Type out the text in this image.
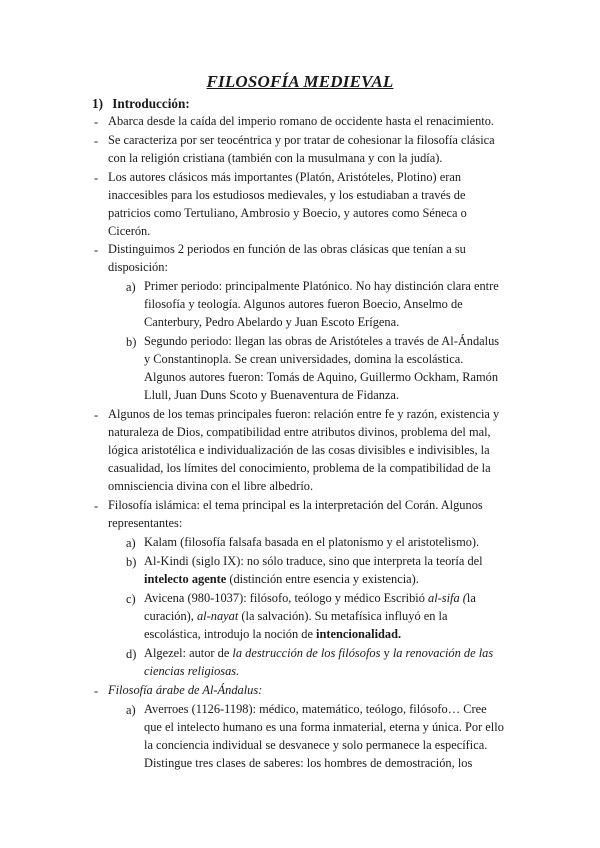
FILOSOFÍA MEDIEVAL
1) Introducción:
- Abarca desde la caída del imperio romano de occidente hasta el renacimiento.
- Se caracteriza por ser teocéntrica y por tratar de cohesionar la filosofía clásica
con la religión cristiana (también con la musulmana y con la judía).
- Los autores clásicos más importantes (Platón, Aristóteles, Plotino) eran
inaccesibles para los estudiosos medievales, y los estudiaban a través de
patricios como Tertuliano, Ambrosio y Boecio, y autores como Séneca o
Cicerón.
- Distinguimos 2 periodos en función de las obras clásicas que tenían a su
disposición:
a) Primer periodo: principalmente Platónico. No hay distinción clara entre
filosofía y teología. Algunos autores fueron Boecio, Anselmo de
Canterbury, Pedro Abelardo y Juan Escoto Erígena.
b) Segundo periodo: llegan las obras de Aristóteles a través de Al-Ándalus
y Constantinopla. Se crean universidades, domina la escolástica.
Algunos autores fueron: Tomás de Aquino, Guillermo Ockham, Ramón
Llull, Juan Duns Scoto y Buenaventura de Fidanza.
- Algunos de los temas principales fueron: relación entre fe y razón, existencia y
naturaleza de Dios, compatibilidad entre atributos divinos, problema del mal,
lógica aristotélica e individualización de las cosas divisibles e indivisibles, la
casualidad, los límites del conocimiento, problema de la compatibilidad de la
omnisciencia divina con el libre albedrío.
- Filosofía islámica: el tema principal es la interpretación del Corán. Algunos
representantes:
a) Kalam (filosofía falsafa basada en el platonismo y el aristotelismo).
b) Al-Kindi (siglo IX): no sólo traduce, sino que interpreta la teoría del
intelecto agente (distinción entre esencia y existencia).
c) Avicena (980-1037): filósofo, teólogo y médico Escribió al-sifa (la
curación), al-nayat (la salvación). Su metafísica influyó en la
escolástica, introdujo la noción de intencionalidad.
d) Algezel: autor de la destrucción de los filósofos y la renovación de las
ciencias religiosas.
- Filosofía árabe de Al-Ándalus:
a) Averroes (1126-1198): médico, matemático, teólogo, filósofo… Cree
que el intelecto humano es una forma inmaterial, eterna y única. Por ello
la conciencia individual se desvanece y solo permanece la específica.
Distingue tres clases de saberes: los hombres de demostración, los
